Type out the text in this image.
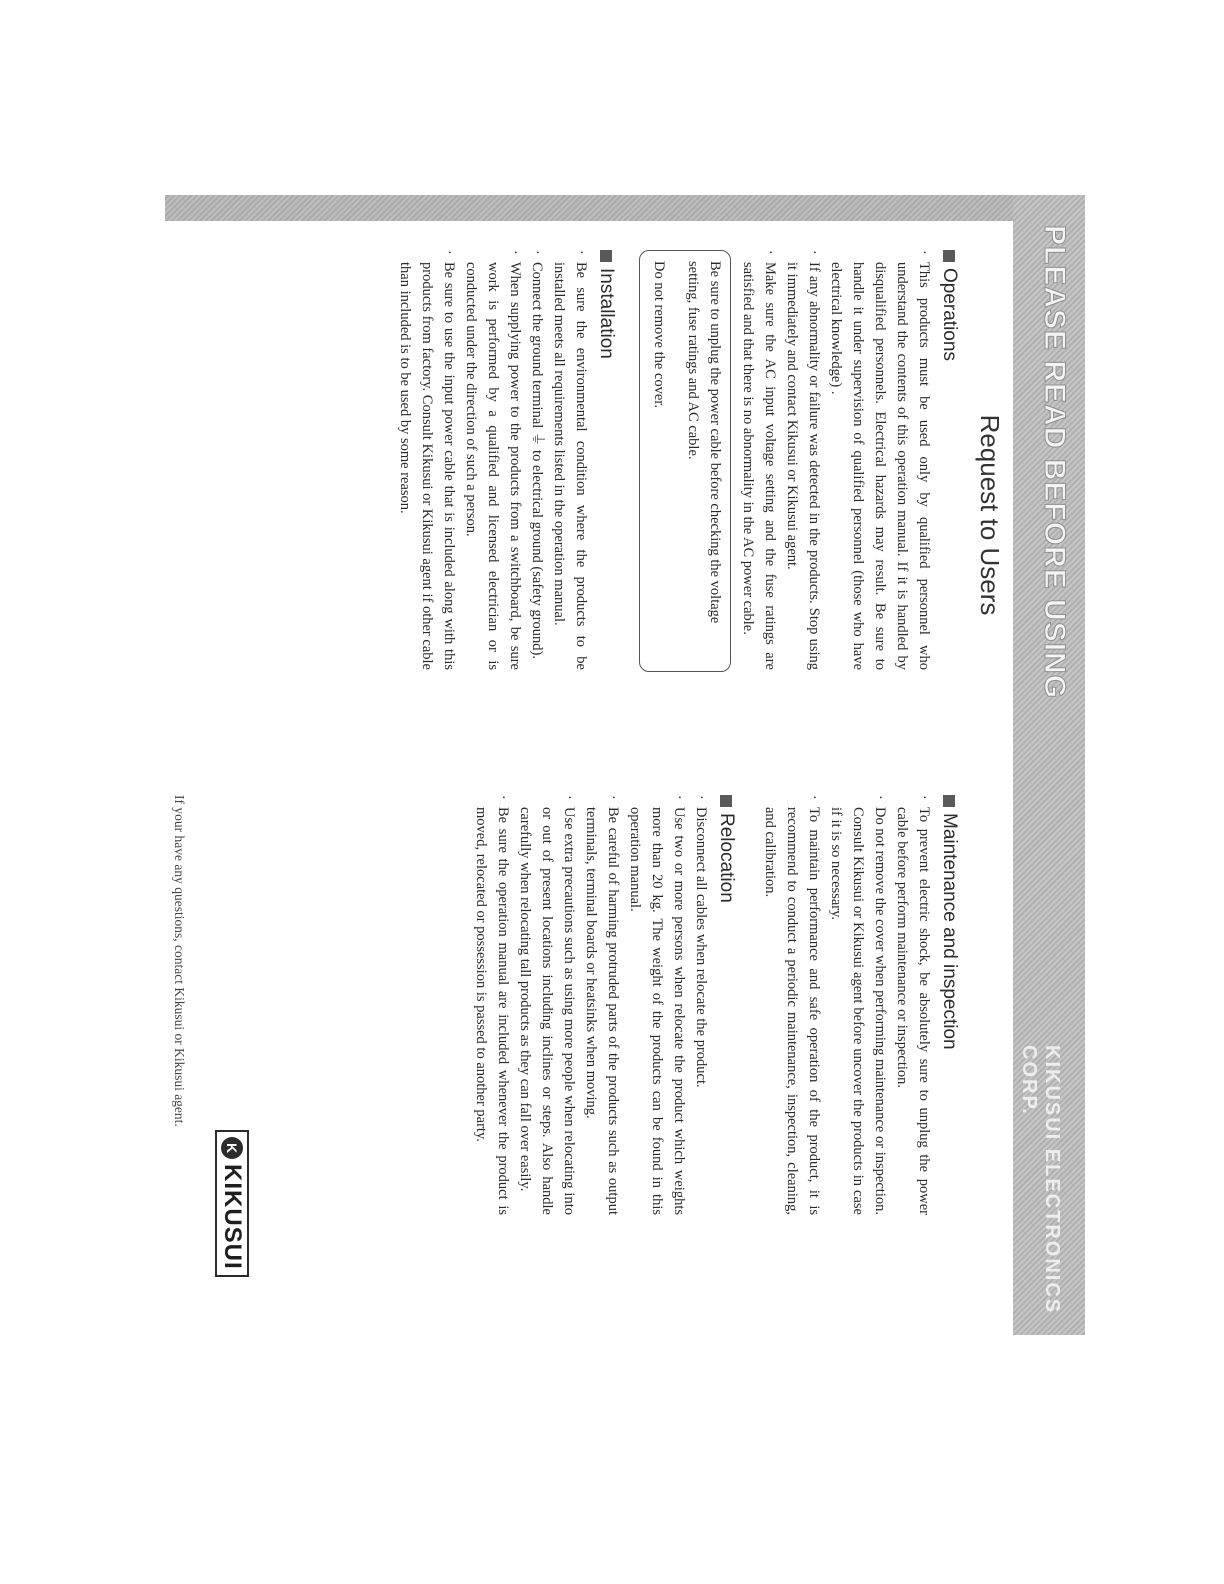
PLEASE READ BEFORE USING
KIKUSUI ELECTRONICS CORP.
Request to Users
Operations

·This products must be used only by qualified personnel who understand the contents of this operation manual. If it is handled by disqualified personnels. Electrical hazards may result. Be sure to handle it under supervision of qualified personnel (those who have electrical knowledge) .

·If any abnormality or failure was detected in the products. Stop using it immediately and contact Kikusui or Kikusui agent.

·Make sure the AC input voltage setting and the fuse ratings are satisfied and that there is no abnormality in the AC power cable.

Be sure to unplug the power cable before checking the voltage setting, fuse ratings and AC cable.

Do not remove the cover.

Installation

·Be sure the environmental condition where the products to be installed meets all requirements listed in the operation manual.

·Connect the ground terminal ⏚ to electrical ground (safety ground).

·When supplying power to the products from a switchboard, be sure work is performed by a qualified and licensed electrician or is conducted under the direction of such a person.

·Be sure to use the input power cable that is included along with this products from factory. Consult Kikusui or Kikusui agent if other cable than included is to be used by some reason.

Maintenance and inspection

·To prevent electric shock, be absolutely sure to unplug the power cable before perform maintenance or inspection.

·Do not remove the cover when performing maintenance or inspection. Consult Kikusui or Kikusui agent before uncover the products in case if it is so necessary.

·To maintain performance and safe operation of the product, it is recommend to conduct a periodic maintenance, inspection, cleaning, and calibration.

Relocation

·Disconnect all cables when relocate the product.

·Use two or more persons when relocate the product which weights more than 20 kg. The weight of the products can be found in this operation manual.

·Be careful of harming protruded parts of the products such as output terminals, terminal boards or heatsinks when moving.

·Use extra precautions such as using more people when relocating into or out of present locations including inclines or steps. Also handle carefully when relocating tall products as they can fall over easily.

·Be sure the operation manual are included whenever the product is moved, relocated or possession is passed to another party.

K
KIKUSUI
If your have any questions, contact Kikusui or Kikusui agent.
